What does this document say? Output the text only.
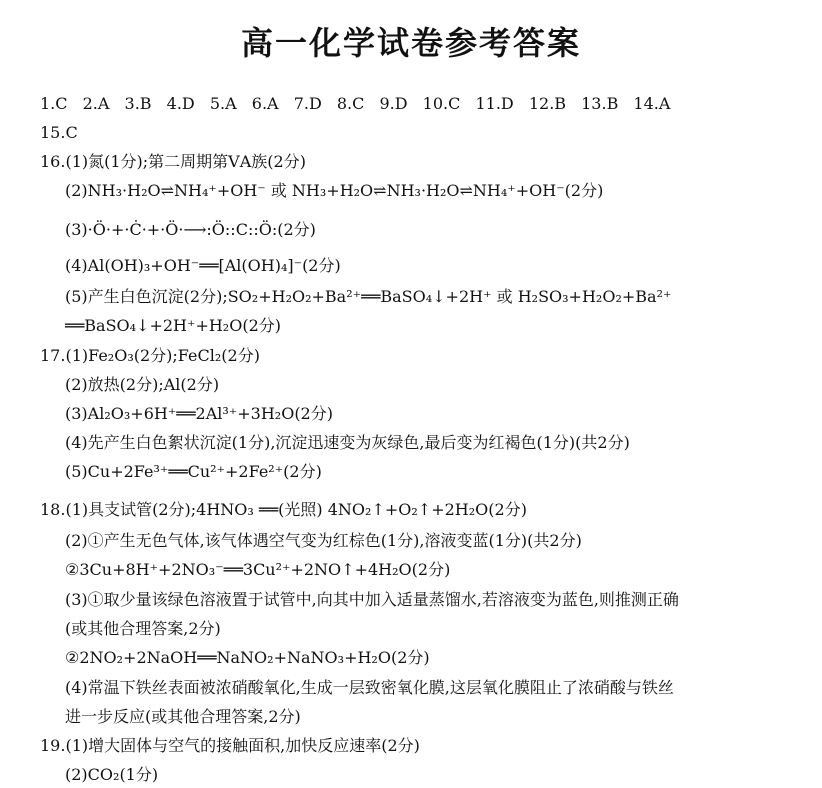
高一化学试卷参考答案
1.C 2.A 3.B 4.D 5.A 6.A 7.D 8.C 9.D 10.C 11.D 12.B 13.B 14.A
15.C
16.(1)氮(1分);第二周期第ⅤA族(2分)
(2)NH₃·H₂O⇌NH₄⁺+OH⁻ 或 NH₃+H₂O⇌NH₃·H₂O⇌NH₄⁺+OH⁻(2分)
(3)·Ö·+·Ċ·+·Ö·⟶:Ö::C::Ö:(2分)
(4)Al(OH)₃+OH⁻══[Al(OH)₄]⁻(2分)
(5)产生白色沉淀(2分);SO₂+H₂O₂+Ba²⁺══BaSO₄↓+2H⁺ 或 H₂SO₃+H₂O₂+Ba²⁺
══BaSO₄↓+2H⁺+H₂O(2分)
17.(1)Fe₂O₃(2分);FeCl₂(2分)
(2)放热(2分);Al(2分)
(3)Al₂O₃+6H⁺══2Al³⁺+3H₂O(2分)
(4)先产生白色絮状沉淀(1分),沉淀迅速变为灰绿色,最后变为红褐色(1分)(共2分)
(5)Cu+2Fe³⁺══Cu²⁺+2Fe²⁺(2分)
18.(1)具支试管(2分);4HNO₃ ══(光照) 4NO₂↑+O₂↑+2H₂O(2分)
(2)①产生无色气体,该气体遇空气变为红棕色(1分),溶液变蓝(1分)(共2分)
②3Cu+8H⁺+2NO₃⁻══3Cu²⁺+2NO↑+4H₂O(2分)
(3)①取少量该绿色溶液置于试管中,向其中加入适量蒸馏水,若溶液变为蓝色,则推测正确
(或其他合理答案,2分)
②2NO₂+2NaOH══NaNO₂+NaNO₃+H₂O(2分)
(4)常温下铁丝表面被浓硝酸氧化,生成一层致密氧化膜,这层氧化膜阻止了浓硝酸与铁丝
进一步反应(或其他合理答案,2分)
19.(1)增大固体与空气的接触面积,加快反应速率(2分)
(2)CO₂(1分)
